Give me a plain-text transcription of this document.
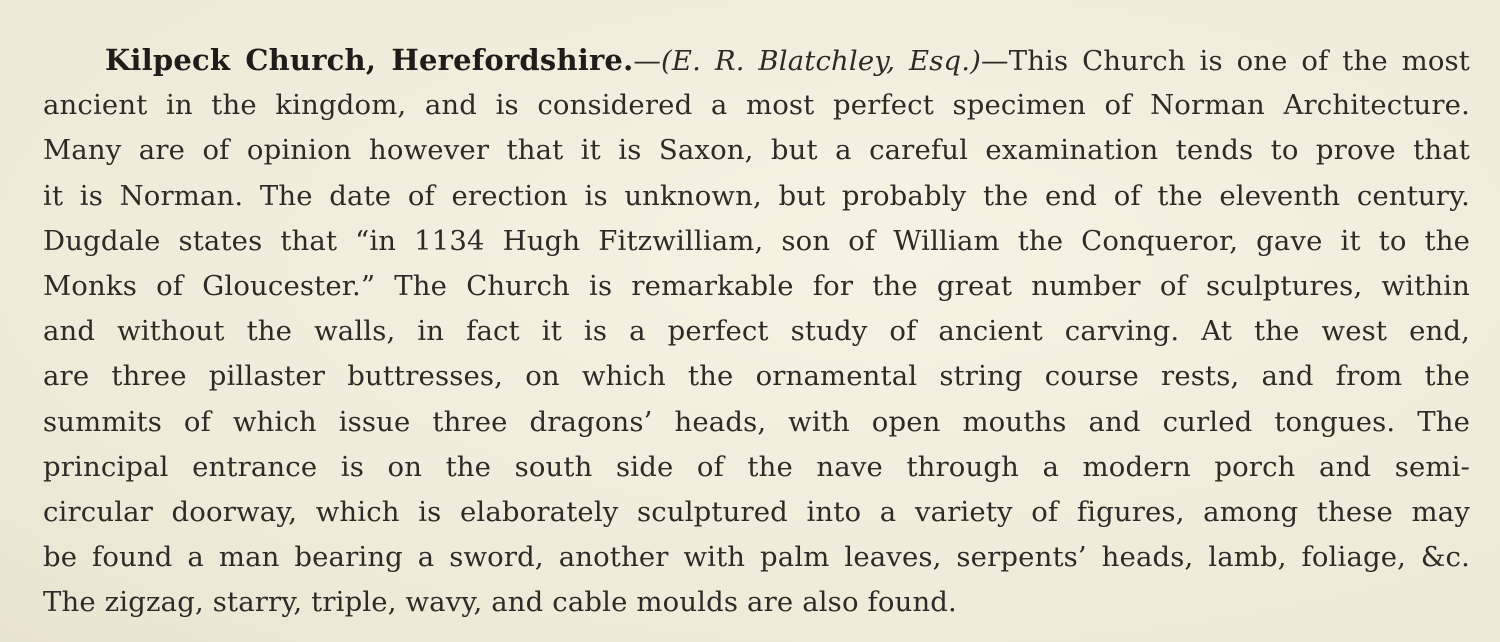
Kilpeck Church, Herefordshire.—(E. R. Blatchley, Esq.)—This Church is one of the most
ancient in the kingdom, and is considered a most perfect specimen of Norman Architecture.
Many are of opinion however that it is Saxon, but a careful examination tends to prove that
it is Norman. The date of erection is unknown, but probably the end of the eleventh century.
Dugdale states that “in 1134 Hugh Fitzwilliam, son of William the Conqueror, gave it to the
Monks of Gloucester.” The Church is remarkable for the great number of sculptures, within
and without the walls, in fact it is a perfect study of ancient carving. At the west end,
are three pillaster buttresses, on which the ornamental string course rests, and from the
summits of which issue three dragons’ heads, with open mouths and curled tongues. The
principal entrance is on the south side of the nave through a modern porch and semi-
circular doorway, which is elaborately sculptured into a variety of figures, among these may
be found a man bearing a sword, another with palm leaves, serpents’ heads, lamb, foliage, &c.
The zigzag, starry, triple, wavy, and cable moulds are also found.
